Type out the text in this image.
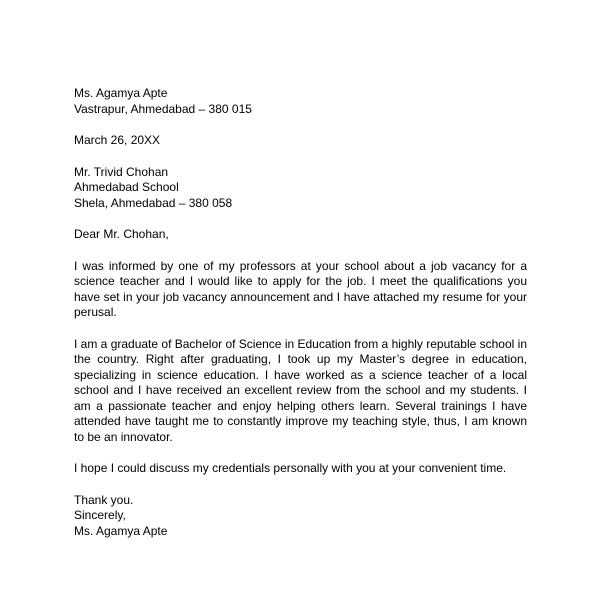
Ms. Agamya Apte
Vastrapur, Ahmedabad – 380 015
March 26, 20XX
Mr. Trivid Chohan
Ahmedabad School
Shela, Ahmedabad – 380 058
Dear Mr. Chohan,

I was informed by one of my professors at your school about a job vacancy for a science teacher and I would like to apply for the job. I meet the qualifications you have set in your job vacancy announcement and I have attached my resume for your perusal.

I am a graduate of Bachelor of Science in Education from a highly reputable school in the country. Right after graduating, I took up my Master’s degree in education, specializing in science education. I have worked as a science teacher of a local school and I have received an excellent review from the school and my students. I am a passionate teacher and enjoy helping others learn. Several trainings I have attended have taught me to constantly improve my teaching style, thus, I am known to be an innovator.

I hope I could discuss my credentials personally with you at your convenient time.

Thank you.
Sincerely,
Ms. Agamya Apte
